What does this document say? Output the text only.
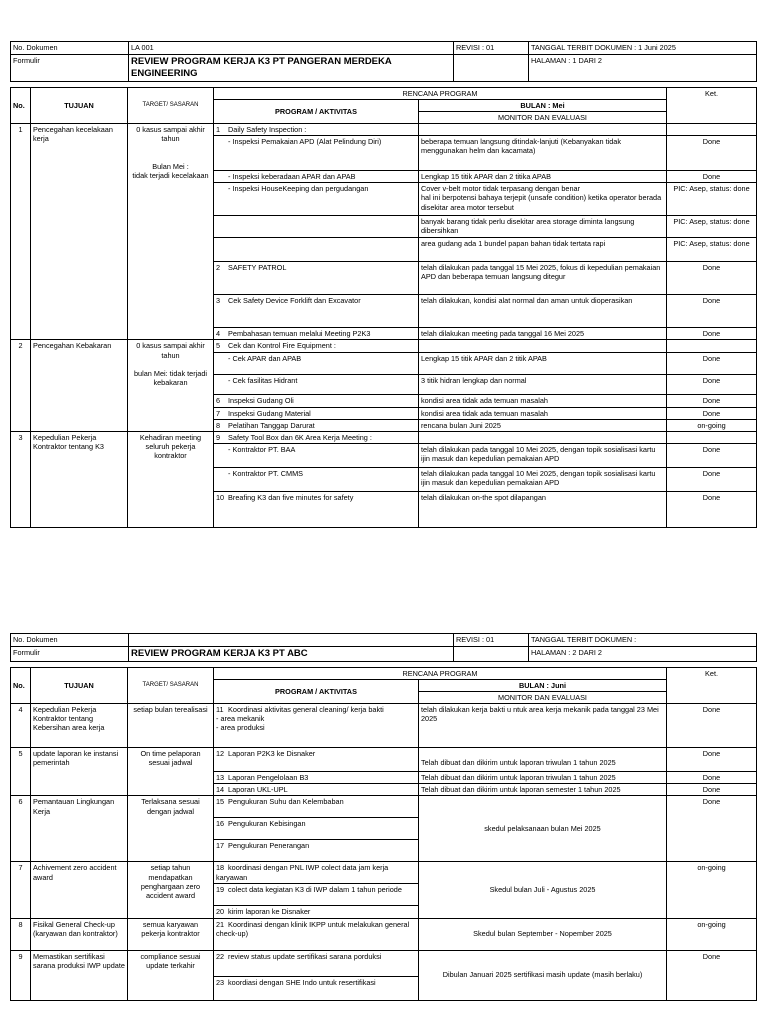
No. Dokumen	LA 001	REVISI : 01	TANGGAL TERBIT DOKUMEN : 1 Juni 2025
Formulir	REVIEW PROGRAM KERJA K3 PT PANGERAN MERDEKA ENGINEERING		HALAMAN : 1 DARI 2
No.	TUJUAN	TARGET/ SASARAN	RENCANA PROGRAM		Ket.
			PROGRAM / AKTIVITAS	BULAN : Mei	
				MONITOR DAN EVALUASI	
1	Pencegahan kecelakaan kerja	0 kasus sampai akhir tahun

Bulan Mei :
tidak terjadi kecelakaan	1 Daily Safety Inspection :		
			- Inspeksi Pemakaian APD (Alat Pelindung Diri)	beberapa temuan langsung ditindak-lanjuti (Kebanyakan tidak menggunakan helm dan kacamata)	Done
			- Inspeksi keberadaan APAR dan APAB	Lengkap 15 titik APAR dan 2 titika APAB	Done
			- Inspeksi HouseKeeping dan pergudangan	Cover v-belt motor tidak terpasang dengan benar
hal ini berpotensi bahaya terjepit (unsafe condition) ketika operator berada disekitar area motor tersebut	PIC: Asep, status: done
				banyak barang tidak perlu disekitar area storage diminta langsung dibersihkan	PIC: Asep, status: done
				area gudang ada 1 bundel papan bahan tidak tertata rapi	PIC: Asep, status: done
			2 SAFETY PATROL	telah dilakukan pada tanggal 15 Mei 2025, fokus di kepedulian pemakaian APD dan beberapa temuan langsung ditegur	Done
			3 Cek Safety Device Forklift dan Excavator	telah dilakukan, kondisi alat normal dan aman untuk dioperasikan	Done
			4 Pembahasan temuan melalui Meeting P2K3	telah dilakukan meeting pada tanggal 16 Mei 2025	Done
2	Pencegahan Kebakaran	0 kasus sampai akhir tahun

bulan Mei: tidak terjadi kebakaran	5 Cek dan Kontrol Fire Equipment :		
			- Cek APAR dan APAB	Lengkap 15 titik APAR dan 2 titik APAB	Done
			- Cek fasilitas Hidrant	3 titik hidran lengkap dan normal	Done
			6 Inspeksi Gudang Oli	kondisi area tidak ada temuan masalah	Done
			7 Inspeksi Gudang Material	kondisi area tidak ada temuan masalah	Done
			8 Pelatihan Tanggap Darurat	rencana bulan Juni 2025	on-going
3	Kepedulian Pekerja Kontraktor tentang K3	Kehadiran meeting seluruh pekerja kontraktor	9 Safety Tool Box dan 6K Area Kerja Meeting :		
			- Kontraktor PT. BAA	telah dilakukan pada tanggal 10 Mei 2025, dengan topik sosialisasi kartu ijin masuk dan kepedulian pemakaian APD	Done
			- Kontraktor PT. CMMS	telah dilakukan pada tanggal 10 Mei 2025, dengan topik sosialisasi kartu ijin masuk dan kepedulian pemakaian APD	Done
			10 Breafing K3 dan five minutes for safety	telah dilakukan on-the spot dilapangan	Done
No. Dokumen		REVISI : 01	TANGGAL TERBIT DOKUMEN :
Formulir	REVIEW PROGRAM KERJA K3 PT ABC		HALAMAN : 2 DARI 2
No.	TUJUAN	TARGET/ SASARAN	RENCANA PROGRAM		Ket.
			PROGRAM / AKTIVITAS	BULAN : Juni	
				MONITOR DAN EVALUASI	
4	Kepedulian Pekerja Kontraktor tentang Kebersihan area kerja	setiap bulan terealisasi	11 Koordinasi aktivitas general cleaning/ kerja bakti
- area mekanik
- area produksi	telah dilakukan kerja bakti u ntuk area kerja mekanik pada tanggal 23 Mei 2025	Done
5	update laporan ke instansi pemerintah	On time pelaporan sesuai jadwal	12 Laporan P2K3 ke Disnaker	
Telah dibuat dan dikirim untuk laporan triwulan 1 tahun 2025	Done
			13 Laporan Pengelolaan B3	Telah dibuat dan dikirim untuk laporan triwulan 1 tahun 2025	Done
			14 Laporan UKL-UPL	Telah dibuat dan dikirim untuk laporan semester 1 tahun 2025	Done
6	Pemantauan Lingkungan Kerja	Terlaksana sesuai dengan jadwal	15 Pengukuran Suhu dan Kelembaban	skedul pelaksanaan bulan Mei 2025	Done
			16 Pengukuran Kebisingan		
			17 Pengukuran Penerangan		
7	Achivement zero accident award	setiap tahun mendapatkan penghargaan zero accident award	18 koordinasi dengan PNL IWP colect data jam kerja karyawan	Skedul bulan Juli - Agustus 2025	on-going
			19 colect data kegiatan K3 di IWP dalam 1 tahun periode		
			20 kirim laporan ke Disnaker		
8	Fisikal General Check-up (karyawan dan kontraktor)	semua karyawan pekerja kontraktor	21 Koordinasi dengan klinik IKPP untuk melakukan general check-up)	Skedul bulan September - Nopember 2025	on-going
9	Memastikan sertifikasi sarana produksi IWP update	compliance sesuai update terkahir	22 review status update sertifikasi sarana porduksi	Dibulan Januari 2025 sertifikasi masih update (masih berlaku)	Done
			23 koordiasi dengan SHE Indo untuk resertifikasi		
